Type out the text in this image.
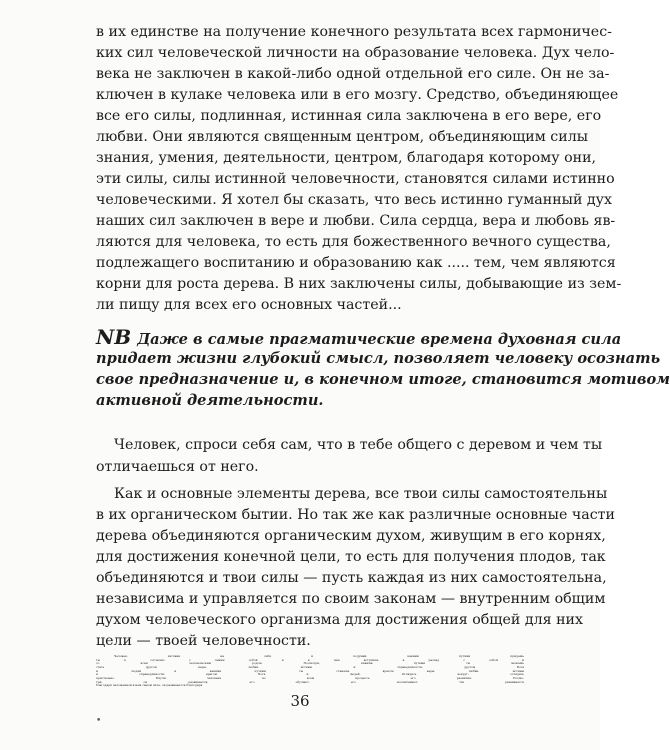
в их единстве на получение конечного результата всех гармоничес-
ких сил человеческой личности на образование человека. Дух чело-
века не заключен в какой-либо одной отдельной его силе. Он не за-
ключен в кулаке человека или в его мозгу. Средство, объединяющее
все его силы, подлинная, истинная сила заключена в его вере, его
любви. Они являются священным центром, объединяющим силы
знания, умения, деятельности, центром, благодаря которому они,
эти силы, силы истинной человечности, становятся силами истинно
человеческими. Я хотел бы сказать, что весь истинно гуманный дух
наших сил заключен в вере и любви. Сила сердца, вера и любовь яв-
ляются для человека, то есть для божественного вечного существа,
подлежащего воспитанию и образованию как ..... тем, чем являются
корни для роста дерева. В них заключены силы, добывающие из зем-
ли пищу для всех его основных частей...
NB Даже в самые прагматические времена духовная сила
придает жизни глубокий смысл, позволяет человеку осознать
свое предназначение и, в конечном итоге, становится мотивом
активной деятельности.
Человек, спроси себя сам, что в тебе общего с деревом и чем ты
отличаешься от него.
Как и основные элементы дерева, все твои силы самостоятельны
в их органическом бытии. Но так же как различные основные части
дерева объединяются органическим духом, живущим в его корнях,
для достижения конечной цели, то есть для получения плодов, так
объединяются и твои силы — пусть каждая из них самостоятельна,
независима и управляется по своим законам — внутренним общим
духом человеческого организма для достижения общей для них
цели — твоей человечности.
Человек, взгляни на себя и подумай, какими путями придешь
ты к согласию с самим собой и в чем вступишь в разлад с собой и
со всем человеческим родом. Посмотри, какими путями ты можешь
стать другом веры, любви, истины и справедливости, другом Бога
и людей и какими путями ты станешь врагом веры, любви, истины
и справедливости, врагом Бога и людей. Оглядись вокруг, оглядись
пристально. Изучи человека во всем процессе его развития. Посмо-
три, он развивается, его обучают, его воспитывают. Он развивается
благодаря заложенной в нем самом силе, он развивается благодаря
36
•
